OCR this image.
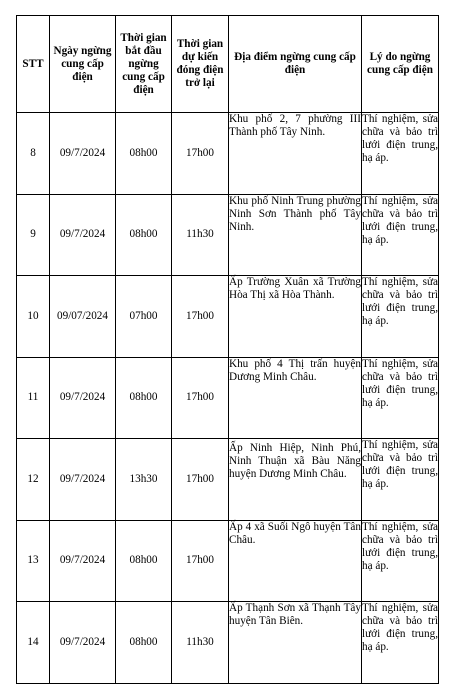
STT	Ngày ngừng cung cấp điện	Thời gian bắt đầu ngừng cung cấp điện	Thời gian dự kiến đóng điện trở lại	Địa điểm ngừng cung cấp điện	Lý do ngừng cung cấp điện
8	09/7/2024	08h00	17h00	Khu phố 2, 7 phường III Thành phố Tây Ninh.	Thí nghiệm, sửa chữa và bảo trì lưới điện trung, hạ áp.
9	09/7/2024	08h00	11h30	Khu phố Ninh Trung phường Ninh Sơn Thành phố Tây Ninh.	Thí nghiệm, sửa chữa và bảo trì lưới điện trung, hạ áp.
10	09/07/2024	07h00	17h00	Ấp Trường Xuân xã Trường Hòa Thị xã Hòa Thành.	Thí nghiệm, sửa chữa và bảo trì lưới điện trung, hạ áp.
11	09/7/2024	08h00	17h00	Khu phố 4 Thị trấn huyện Dương Minh Châu.	Thí nghiệm, sửa chữa và bảo trì lưới điện trung, hạ áp.
12	09/7/2024	13h30	17h00	Ấp Ninh Hiệp, Ninh Phú, Ninh Thuận xã Bàu Năng huyện Dương Minh Châu.	Thí nghiệm, sửa chữa và bảo trì lưới điện trung, hạ áp.
13	09/7/2024	08h00	17h00	Ấp 4 xã Suối Ngô huyện Tân Châu.	Thí nghiệm, sửa chữa và bảo trì lưới điện trung, hạ áp.
14	09/7/2024	08h00	11h30	Ấp Thạnh Sơn xã Thạnh Tây huyện Tân Biên.	Thí nghiệm, sửa chữa và bảo trì lưới điện trung, hạ áp.
